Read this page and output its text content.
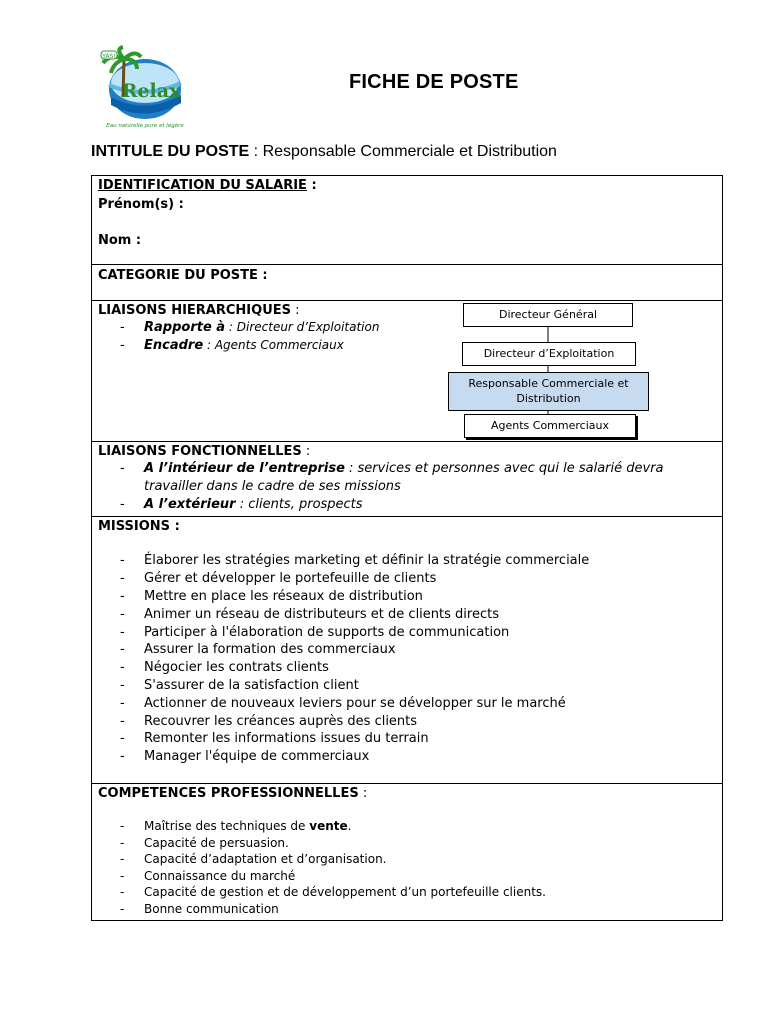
YAS!
Relax
Eau naturelle pure et légère
FICHE DE POSTE
INTITULE DU POSTE : Responsable Commerciale et Distribution
IDENTIFICATION DU SALARIE :
Prénom(s) :
Nom :

CATEGORIE DU POSTE :

LIAISONS HIERARCHIQUES :
- Rapporte à : Directeur d’Exploitation
- Encadre : Agents Commerciaux
Directeur Général
Directeur d’Exploitation
Responsable Commerciale et Distribution
Agents Commerciaux

LIAISONS FONCTIONNELLES :
- A l’intérieur de l’entreprise : services et personnes avec qui le salarié devra travailler dans le cadre de ses missions
- A l’extérieur : clients, prospects

MISSIONS :
- Élaborer les stratégies marketing et définir la stratégie commerciale
- Gérer et développer le portefeuille de clients
- Mettre en place les réseaux de distribution
- Animer un réseau de distributeurs et de clients directs
- Participer à l'élaboration de supports de communication
- Assurer la formation des commerciaux
- Négocier les contrats clients
- S'assurer de la satisfaction client
- Actionner de nouveaux leviers pour se développer sur le marché
- Recouvrer les créances auprès des clients
- Remonter les informations issues du terrain
- Manager l'équipe de commerciaux

COMPETENCES PROFESSIONNELLES :
- Maîtrise des techniques de vente.
- Capacité de persuasion.
- Capacité d’adaptation et d’organisation.
- Connaissance du marché
- Capacité de gestion et de développement d’un portefeuille clients.
- Bonne communication
